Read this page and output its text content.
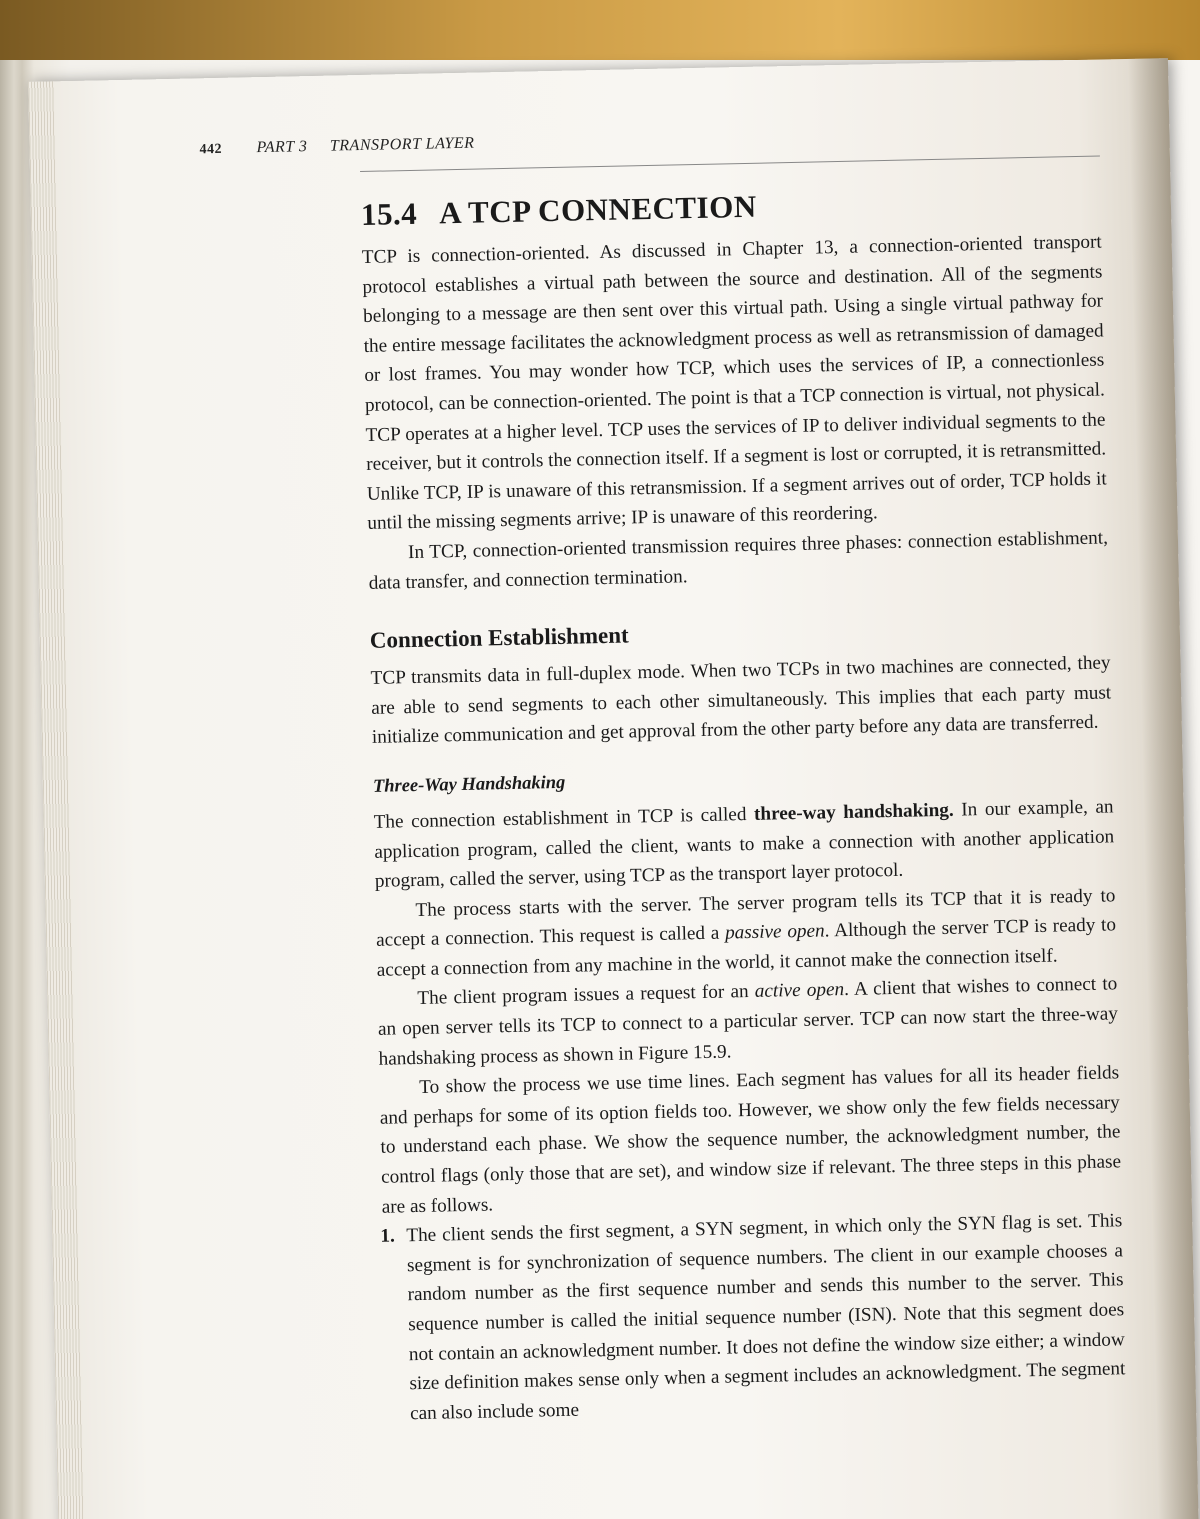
442 PART 3 TRANSPORT LAYER
15.4 A TCP CONNECTION

TCP is connection-oriented. As discussed in Chapter 13, a connection-oriented transport protocol establishes a virtual path between the source and destination. All of the segments belonging to a message are then sent over this virtual path. Using a single virtual pathway for the entire message facilitates the acknowledgment process as well as retransmission of damaged or lost frames. You may wonder how TCP, which uses the services of IP, a connectionless protocol, can be connection-oriented. The point is that a TCP connection is virtual, not physical. TCP operates at a higher level. TCP uses the services of IP to deliver individual segments to the receiver, but it controls the connection itself. If a segment is lost or corrupted, it is retransmitted. Unlike TCP, IP is unaware of this retransmission. If a segment arrives out of order, TCP holds it until the missing segments arrive; IP is unaware of this reordering.

In TCP, connection-oriented transmission requires three phases: connection establishment, data transfer, and connection termination.

Connection Establishment

TCP transmits data in full-duplex mode. When two TCPs in two machines are connected, they are able to send segments to each other simultaneously. This implies that each party must initialize communication and get approval from the other party before any data are transferred.

Three-Way Handshaking

The connection establishment in TCP is called three-way handshaking. In our example, an application program, called the client, wants to make a connection with another application program, called the server, using TCP as the transport layer protocol.

The process starts with the server. The server program tells its TCP that it is ready to accept a connection. This request is called a passive open. Although the server TCP is ready to accept a connection from any machine in the world, it cannot make the connection itself.

The client program issues a request for an active open. A client that wishes to connect to an open server tells its TCP to connect to a particular server. TCP can now start the three-way handshaking process as shown in Figure 15.9.

To show the process we use time lines. Each segment has values for all its header fields and perhaps for some of its option fields too. However, we show only the few fields necessary to understand each phase. We show the sequence number, the acknowledgment number, the control flags (only those that are set), and window size if relevant. The three steps in this phase are as follows.

1. The client sends the first segment, a SYN segment, in which only the SYN flag is set. This segment is for synchronization of sequence numbers. The client in our example chooses a random number as the first sequence number and sends this number to the server. This sequence number is called the initial sequence number (ISN). Note that this segment does not contain an acknowledgment number. It does not define the window size either; a window size definition makes sense only when a segment includes an acknowledgment. The segment can also include some
